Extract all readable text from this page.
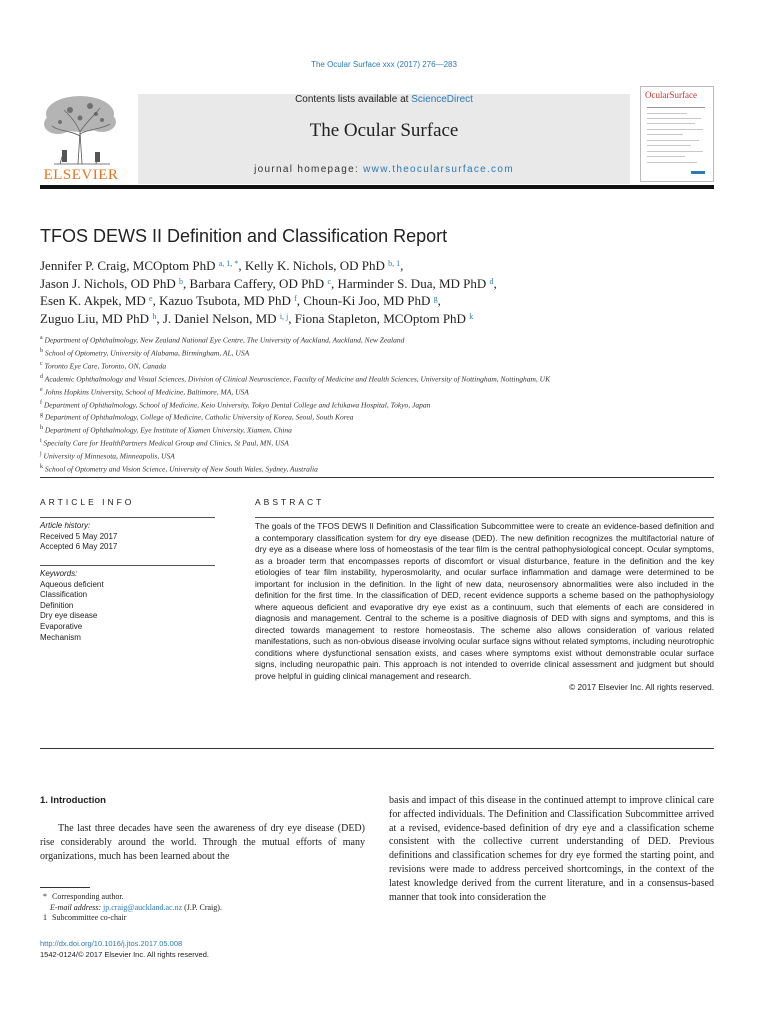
The Ocular Surface xxx (2017) 276—283
ELSEVIER
Contents lists available at ScienceDirect
The Ocular Surface
journal homepage: www.theocularsurface.com
OcularSurface
TFOS DEWS II Definition and Classification Report
Jennifer P. Craig, MCOptom PhD $^{a, 1, *}$, Kelly K. Nichols, OD PhD $^{b, 1}$,
Jason J. Nichols, OD PhD $^b$, Barbara Caffery, OD PhD $^c$, Harminder S. Dua, MD PhD $^d$,
Esen K. Akpek, MD $^e$, Kazuo Tsubota, MD PhD $^f$, Choun-Ki Joo, MD PhD $^g$,
Zuguo Liu, MD PhD $^h$, J. Daniel Nelson, MD $^{i, j}$, Fiona Stapleton, MCOptom PhD $^k$
$^a$ Department of Ophthalmology, New Zealand National Eye Centre, The University of Auckland, Auckland, New Zealand
$^b$ School of Optometry, University of Alabama, Birmingham, AL, USA
$^c$ Toronto Eye Care, Toronto, ON, Canada
$^d$ Academic Ophthalmology and Visual Sciences, Division of Clinical Neuroscience, Faculty of Medicine and Health Sciences, University of Nottingham, Nottingham, UK
$^e$ Johns Hopkins University, School of Medicine, Baltimore, MA, USA
$^f$ Department of Ophthalmology, School of Medicine, Keio University, Tokyo Dental College and Ichikawa Hospital, Tokyo, Japan
$^g$ Department of Ophthalmology, College of Medicine, Catholic University of Korea, Seoul, South Korea
$^h$ Department of Ophthalmology, Eye Institute of Xiamen University, Xiamen, China
$^i$ Specialty Care for HealthPartners Medical Group and Clinics, St Paul, MN, USA
$^j$ University of Minnesota, Minneapolis, USA
$^k$ School of Optometry and Vision Science, University of New South Wales, Sydney, Australia
ARTICLE INFO	ABSTRACT
Article history:
Received 5 May 2017
Accepted 6 May 2017
Keywords:
Aqueous deficient
Classification
Definition
Dry eye disease
Evaporative
Mechanism
The goals of the TFOS DEWS II Definition and Classification Subcommittee were to create an evidence-based definition and a contemporary classification system for dry eye disease (DED). The new definition recognizes the multifactorial nature of dry eye as a disease where loss of homeostasis of the tear film is the central pathophysiological concept. Ocular symptoms, as a broader term that encompasses reports of discomfort or visual disturbance, feature in the definition and the key etiologies of tear film instability, hyperosmolarity, and ocular surface inflammation and damage were determined to be important for inclusion in the definition. In the light of new data, neurosensory abnormalities were also included in the definition for the first time. In the classification of DED, recent evidence supports a scheme based on the pathophysiology where aqueous deficient and evaporative dry eye exist as a continuum, such that elements of each are considered in diagnosis and management. Central to the scheme is a positive diagnosis of DED with signs and symptoms, and this is directed towards management to restore homeostasis. The scheme also allows consideration of various related manifestations, such as non-obvious disease involving ocular surface signs without related symptoms, including neurotrophic conditions where dysfunctional sensation exists, and cases where symptoms exist without demonstrable ocular surface signs, including neuropathic pain. This approach is not intended to override clinical assessment and judgment but should prove helpful in guiding clinical management and research.
© 2017 Elsevier Inc. All rights reserved.
1. Introduction
The last three decades have seen the awareness of dry eye disease (DED) rise considerably around the world. Through the mutual efforts of many organizations, much has been learned about the
basis and impact of this disease in the continued attempt to improve clinical care for affected individuals. The Definition and Classification Subcommittee arrived at a revised, evidence-based definition of dry eye and a classification scheme consistent with the collective current understanding of DED. Previous definitions and classification schemes for dry eye formed the starting point, and revisions were made to address perceived shortcomings, in the context of the latest knowledge derived from the current literature, and in a consensus-based manner that took into consideration the
* Corresponding author.
E-mail address: jp.craig@auckland.ac.nz (J.P. Craig).
1 Subcommittee co-chair
http://dx.doi.org/10.1016/j.jtos.2017.05.008
1542-0124/© 2017 Elsevier Inc. All rights reserved.
